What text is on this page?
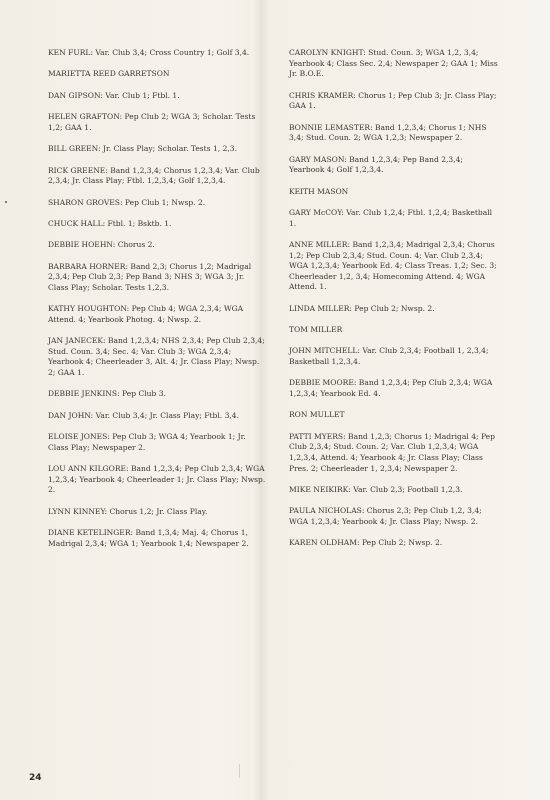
KEN FURL: Var. Club 3,4; Cross Country 1; Golf 3,4.
MARIETTA REED GARRETSON
DAN GIPSON: Var. Club 1; Ftbl. 1.
HELEN GRAFTON: Pep Club 2; WGA 3; Scholar. Tests 1,2; GAA 1.
BILL GREEN: Jr. Class Play; Scholar. Tests 1, 2,3.
RICK GREENE: Band 1,2,3,4; Chorus 1,2,3,4; Var. Club 2,3,4; Jr. Class Play; Ftbl. 1,2,3,4; Golf 1,2,3,4.
SHARON GROVES: Pep Club 1; Nwsp. 2.
CHUCK HALL: Ftbl. 1; Bsktb. 1.
DEBBIE HOEHN: Chorus 2.
BARBARA HORNER: Band 2,3; Chorus 1,2; Madrigal 2,3,4; Pep Club 2,3; Pep Band 3; NHS 3; WGA 3; Jr. Class Play; Scholar. Tests 1,2,3.
KATHY HOUGHTON: Pep Club 4; WGA 2,3,4; WGA Attend. 4; Yearbook Photog. 4; Nwsp. 2.
JAN JANECEK: Band 1,2,3,4; NHS 2,3,4; Pep Club 2,3,4; Stud. Coun. 3,4; Sec. 4; Var. Club 3; WGA 2,3,4; Yearbook 4; Cheerleader 3, Alt. 4; Jr. Class Play; Nwsp. 2; GAA 1.
DEBBIE JENKINS: Pep Club 3.
DAN JOHN: Var. Club 3,4; Jr. Class Play; Ftbl. 3,4.
ELOISE JONES: Pep Club 3; WGA 4; Yearbook 1; Jr. Class Play; Newspaper 2.
LOU ANN KILGORE: Band 1,2,3,4; Pep Club 2,3,4; WGA 1,2,3,4; Yearbook 4; Cheerleader 1; Jr. Class Play; Nwsp. 2.
LYNN KINNEY: Chorus 1,2; Jr. Class Play.
DIANE KETELINGER: Band 1,3,4; Maj. 4; Chorus 1, Madrigal 2,3,4; WGA 1; Yearbook 1,4; Newspaper 2.
CAROLYN KNIGHT: Stud. Coun. 3; WGA 1,2, 3,4; Yearbook 4; Class Sec. 2,4; Newspaper 2; GAA 1; Miss Jr. B.O.E.
CHRIS KRAMER: Chorus 1; Pep Club 3; Jr. Class Play; GAA 1.
BONNIE LEMASTER: Band 1,2,3,4; Chorus 1; NHS 3,4; Stud. Coun. 2; WGA 1,2,3; Newspaper 2.
GARY MASON: Band 1,2,3,4; Pep Band 2,3,4; Yearbook 4; Golf 1,2,3,4.
KEITH MASON
GARY McCOY: Var. Club 1,2,4; Ftbl. 1,2,4; Basketball 1.
ANNE MILLER: Band 1,2,3,4; Madrigal 2,3,4; Chorus 1,2; Pep Club 2,3,4; Stud. Coun. 4; Var. Club 2,3,4; WGA 1,2,3,4; Yearbook Ed. 4; Class Treas. 1,2; Sec. 3; Cheerleader 1,2, 3,4; Homecoming Attend. 4; WGA Attend. 1.
LINDA MILLER: Pep Club 2; Nwsp. 2.
TOM MILLER
JOHN MITCHELL: Var. Club 2,3,4; Football 1, 2,3,4; Basketball 1,2,3,4.
DEBBIE MOORE: Band 1,2,3,4; Pep Club 2,3,4; WGA 1,2,3,4; Yearbook Ed. 4.
RON MULLET
PATTI MYERS: Band 1,2,3; Chorus 1; Madrigal 4; Pep Club 2,3,4; Stud. Coun. 2; Var. Club 1,2,3,4; WGA 1,2,3,4, Attend. 4; Yearbook 4; Jr. Class Play; Class Pres. 2; Cheerleader 1, 2,3,4; Newspaper 2.
MIKE NEIKIRK: Var. Club 2,3; Football 1,2,3.
PAULA NICHOLAS: Chorus 2,3; Pep Club 1,2, 3,4; WGA 1,2,3,4; Yearbook 4; Jr. Class Play; Nwsp. 2.
KAREN OLDHAM: Pep Club 2; Nwsp. 2.
24
